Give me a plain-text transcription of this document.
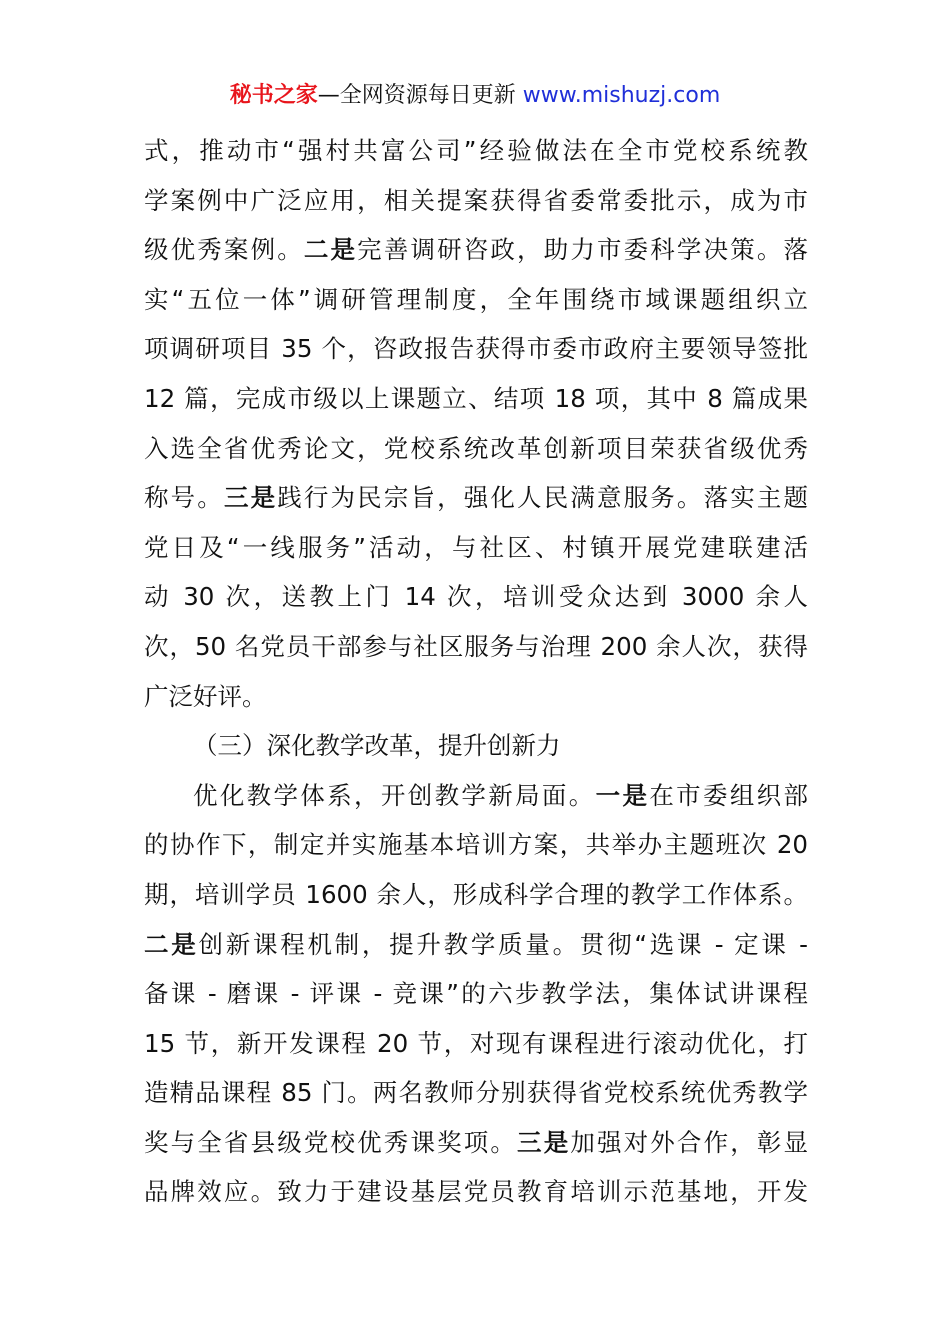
秘书之家—全网资源每日更新 www.mishuzj.com
式，推动市“强村共富公司”经验做法在全市党校系统教
学案例中广泛应用，相关提案获得省委常委批示，成为市
级优秀案例。二是完善调研咨政，助力市委科学决策。落
实“五位一体”调研管理制度，全年围绕市域课题组织立
项调研项目 35 个，咨政报告获得市委市政府主要领导签批
12 篇，完成市级以上课题立、结项 18 项，其中 8 篇成果
入选全省优秀论文，党校系统改革创新项目荣获省级优秀
称号。三是践行为民宗旨，强化人民满意服务。落实主题
党日及“一线服务”活动，与社区、村镇开展党建联建活
动 30 次，送教上门 14 次，培训受众达到 3000 余人
次，50 名党员干部参与社区服务与治理 200 余人次，获得
广泛好评。
（三）深化教学改革，提升创新力
优化教学体系，开创教学新局面。一是在市委组织部
的协作下，制定并实施基本培训方案，共举办主题班次 20
期，培训学员 1600 余人，形成科学合理的教学工作体系。
二是创新课程机制，提升教学质量。贯彻“选课 - 定课 -
备课 - 磨课 - 评课 - 竞课”的六步教学法，集体试讲课程
15 节，新开发课程 20 节，对现有课程进行滚动优化，打
造精品课程 85 门。两名教师分别获得省党校系统优秀教学
奖与全省县级党校优秀课奖项。三是加强对外合作，彰显
品牌效应。致力于建设基层党员教育培训示范基地，开发
